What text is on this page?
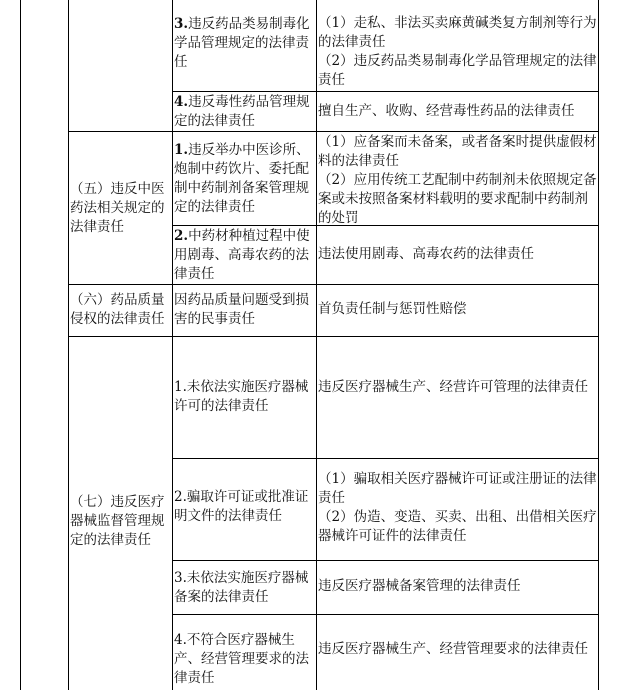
3.违反药品类易制毒化学品管理规定的法律责任
（1）走私、非法买卖麻黄碱类复方制剂等行为的法律责任
（2）违反药品类易制毒化学品管理规定的法律责任
4.违反毒性药品管理规定的法律责任
擅自生产、收购、经营毒性药品的法律责任
（五）违反中医药法相关规定的法律责任
1.违反举办中医诊所、炮制中药饮片、委托配制中药制剂备案管理规定的法律责任
（1）应备案而未备案，或者备案时提供虚假材料的法律责任
（2）应用传统工艺配制中药制剂未依照规定备案或未按照备案材料载明的要求配制中药制剂的处罚
2.中药材种植过程中使用剧毒、高毒农药的法律责任
违法使用剧毒、高毒农药的法律责任
（六）药品质量侵权的法律责任
因药品质量问题受到损害的民事责任
首负责任制与惩罚性赔偿
（七）违反医疗器械监督管理规定的法律责任
1.未依法实施医疗器械许可的法律责任
违反医疗器械生产、经营许可管理的法律责任
2.骗取许可证或批准证明文件的法律责任
（1）骗取相关医疗器械许可证或注册证的法律责任
（2）伪造、变造、买卖、出租、出借相关医疗器械许可证件的法律责任
3.未依法实施医疗器械备案的法律责任
违反医疗器械备案管理的法律责任
4.不符合医疗器械生产、经营管理要求的法律责任
违反医疗器械生产、经营管理要求的法律责任
